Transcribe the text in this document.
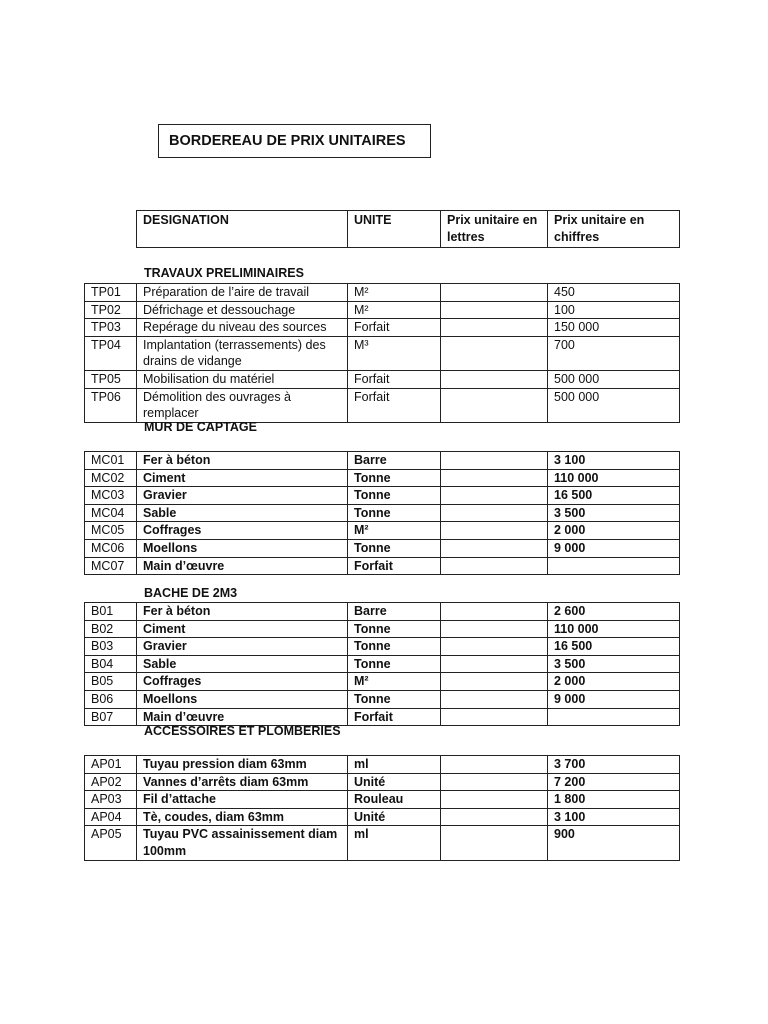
BORDEREAU DE PRIX UNITAIRES
DESIGNATION	UNITE	Prix unitaire en lettres	Prix unitaire en chiffres
TRAVAUX PRELIMINAIRES
TP01	Préparation de l’aire de travail	M²		450
TP02	Défrichage et dessouchage	M²		100
TP03	Repérage du niveau des sources	Forfait		150 000
TP04	Implantation (terrassements) des drains de vidange	M³		700
TP05	Mobilisation du matériel	Forfait		500 000
TP06	Démolition des ouvrages à remplacer	Forfait		500 000
MUR DE CAPTAGE
MC01	Fer à béton	Barre		3 100
MC02	Ciment	Tonne		110 000
MC03	Gravier	Tonne		16 500
MC04	Sable	Tonne		3 500
MC05	Coffrages	M²		2 000
MC06	Moellons	Tonne		9 000
MC07	Main d’œuvre	Forfait		
BACHE DE 2M3
B01	Fer à béton	Barre		2 600
B02	Ciment	Tonne		110 000
B03	Gravier	Tonne		16 500
B04	Sable	Tonne		3 500
B05	Coffrages	M²		2 000
B06	Moellons	Tonne		9 000
B07	Main d’œuvre	Forfait		
ACCESSOIRES ET PLOMBERIES
AP01	Tuyau pression diam 63mm	ml		3 700
AP02	Vannes d’arrêts diam 63mm	Unité		7 200
AP03	Fil d’attache	Rouleau		1 800
AP04	Tè, coudes, diam 63mm	Unité		3 100
AP05	Tuyau PVC assainissement diam 100mm	ml		900
